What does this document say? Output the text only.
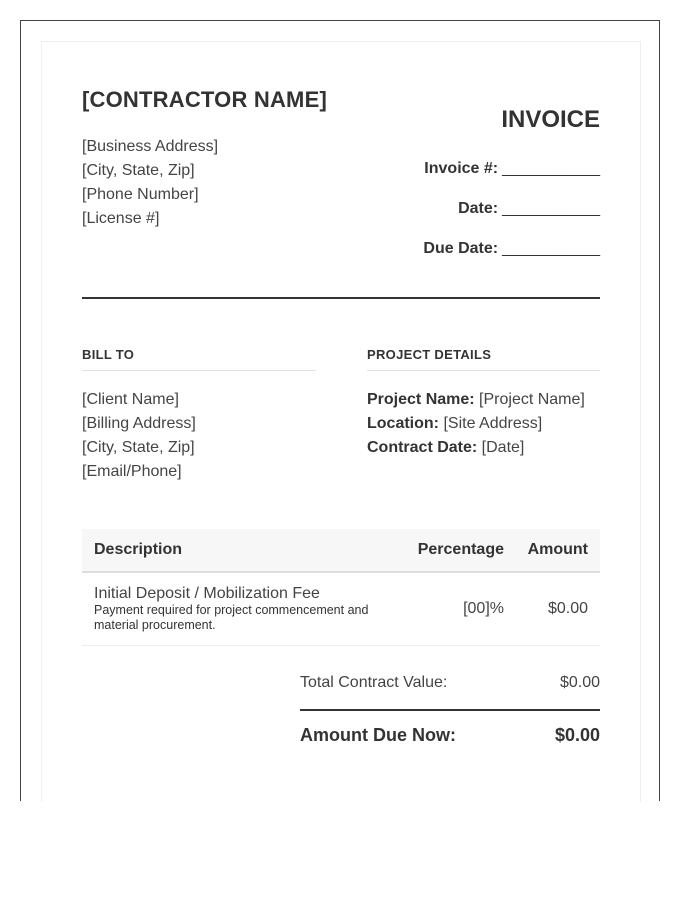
[CONTRACTOR NAME]
[Business Address]
[City, State, Zip]
[Phone Number]
[License #]
INVOICE
Invoice #: ___________
Date: ___________
Due Date: ___________
BILL TO
[Client Name]
[Billing Address]
[City, State, Zip]
[Email/Phone]
PROJECT DETAILS
Project Name: [Project Name]
Location: [Site Address]
Contract Date: [Date]
Description	Percentage Amount
Initial Deposit / Mobilization Fee
Payment required for project commencement and material procurement.
[00]%	$0.00
Total Contract Value:	$0.00
Amount Due Now:	$0.00
